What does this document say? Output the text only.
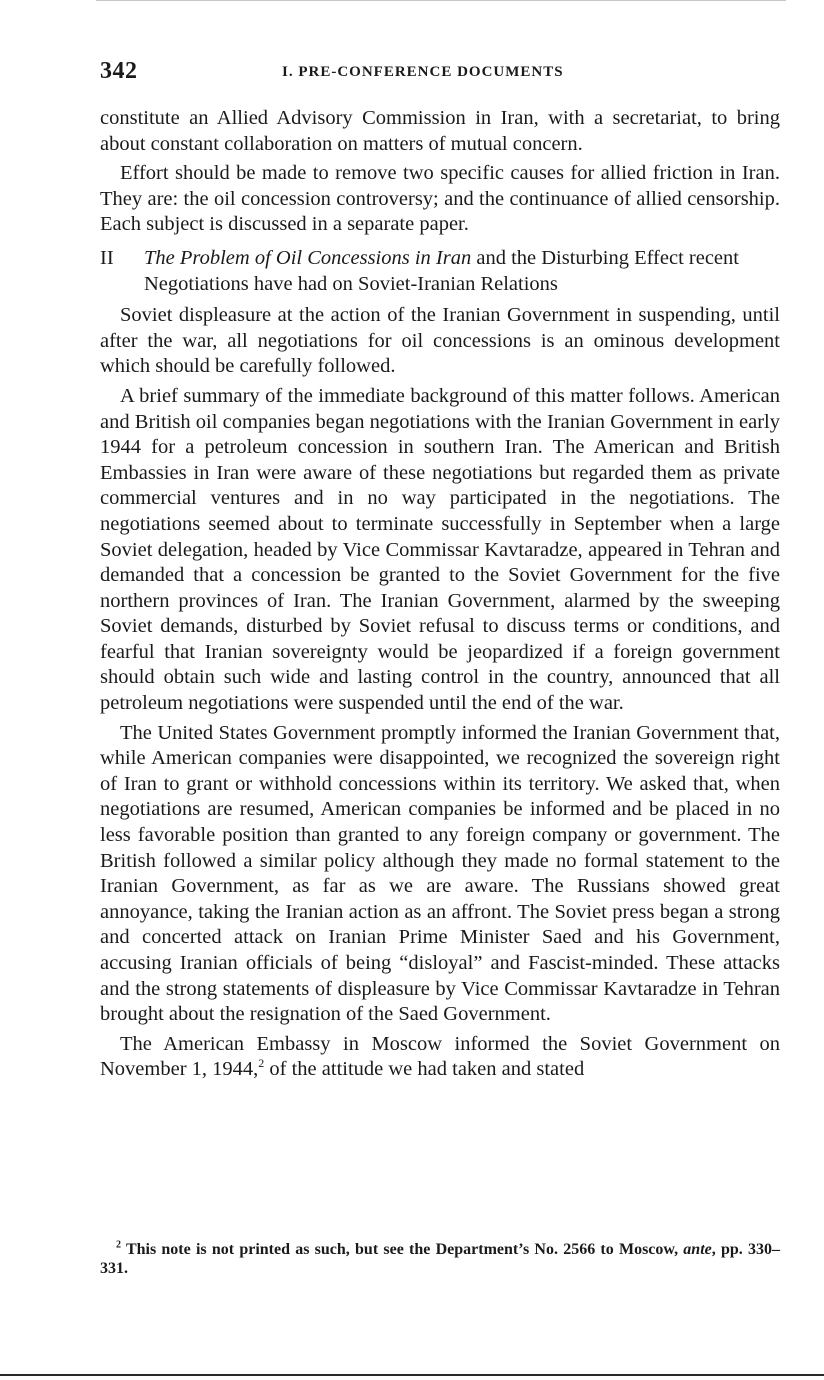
342	I. PRE-CONFERENCE DOCUMENTS

constitute an Allied Advisory Commission in Iran, with a secretariat, to bring about constant collaboration on matters of mutual concern.

Effort should be made to remove two specific causes for allied friction in Iran. They are: the oil concession controversy; and the continuance of allied censorship. Each subject is discussed in a separate paper.

II The Problem of Oil Concessions in Iran and the Disturbing Effect recent Negotiations have had on Soviet-Iranian Relations

Soviet displeasure at the action of the Iranian Government in suspending, until after the war, all negotiations for oil concessions is an ominous development which should be carefully followed.

A brief summary of the immediate background of this matter follows. American and British oil companies began negotiations with the Iranian Government in early 1944 for a petroleum concession in southern Iran. The American and British Embassies in Iran were aware of these negotiations but regarded them as private commercial ventures and in no way participated in the negotiations. The negotiations seemed about to terminate successfully in September when a large Soviet delegation, headed by Vice Commissar Kavtaradze, appeared in Tehran and demanded that a concession be granted to the Soviet Government for the five northern provinces of Iran. The Iranian Government, alarmed by the sweeping Soviet demands, disturbed by Soviet refusal to discuss terms or conditions, and fearful that Iranian sovereignty would be jeopardized if a foreign government should obtain such wide and lasting control in the country, announced that all petroleum negotiations were suspended until the end of the war.

The United States Government promptly informed the Iranian Government that, while American companies were disappointed, we recognized the sovereign right of Iran to grant or withhold concessions within its territory. We asked that, when negotiations are resumed, American companies be informed and be placed in no less favorable position than granted to any foreign company or government. The British followed a similar policy although they made no formal statement to the Iranian Government, as far as we are aware. The Russians showed great annoyance, taking the Iranian action as an affront. The Soviet press began a strong and concerted attack on Iranian Prime Minister Saed and his Government, accusing Iranian officials of being “disloyal” and Fascist-minded. These attacks and the strong statements of displeasure by Vice Commissar Kavtaradze in Tehran brought about the resignation of the Saed Government.

The American Embassy in Moscow informed the Soviet Government on November 1, 1944,$^2$ of the attitude we had taken and stated

$^2$ This note is not printed as such, but see the Department’s No. 2566 to Moscow, ante, pp. 330–331.
